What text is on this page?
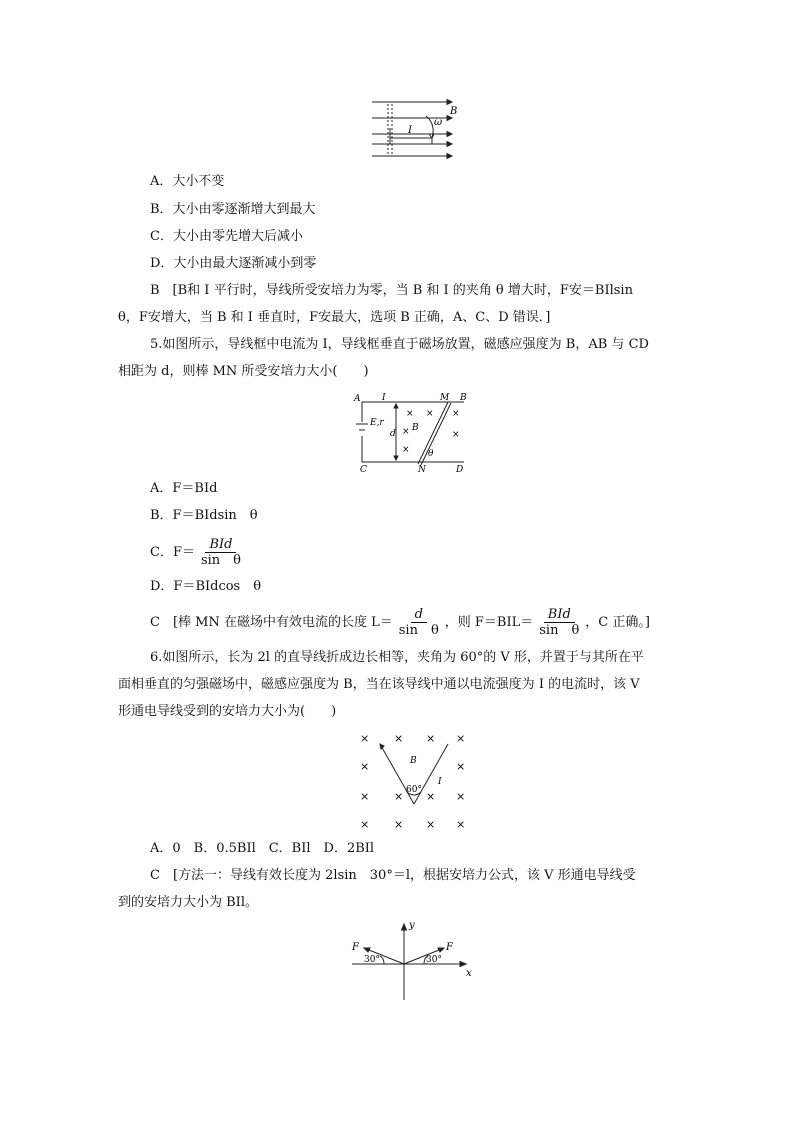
B
I
ω
A．大小不变
B．大小由零逐渐增大到最大
C．大小由零先增大后减小
D．大小由最大逐渐减小到零
B　[B和 I 平行时，导线所受安培力为零，当 B 和 I 的夹角 θ 增大时，F安＝BIlsin
θ，F安增大，当 B 和 I 垂直时，F安最大，选项 B 正确，A、C、D 错误．]
5.如图所示，导线框中电流为 I，导线框垂直于磁场放置，磁感应强度为 B，AB 与 CD
相距为 d，则棒 MN 所受安培力大小(　　)
A I	M B
E,r
d
B
θ
C	N	D
× × ×
×	×
×
A．F＝BId
B．F＝BIdsin　θ
C．$F= \frac{\text{BId}}{\text{sin　θ}}$
D．F＝BIdcos　θ
C　[棒 MN 在磁场中有效电流的长度 $L= \frac{d}{\text{sin　θ}}$ ，则 $F=BIL= \frac{\text{BId}}{\text{sin　θ}}$ ，C 正确。]
6.如图所示，长为 2l 的直导线折成边长相等，夹角为 60°的 V 形，并置于与其所在平
面相垂直的匀强磁场中，磁感应强度为 B，当在该导线中通以电流强度为 I 的电流时，该 V
形通电导线受到的安培力大小为(　　)
× × × ×
×	×
× × × ×
× × × ×
B
I
60°
A．0　B．0.5BIl　C．BIl　D．2BIl
C　[方法一：导线有效长度为 2lsin　30°＝l，根据安培力公式，该 V 形通电导线受
到的安培力大小为 BIl。
F	F
y
x
30°	30°
